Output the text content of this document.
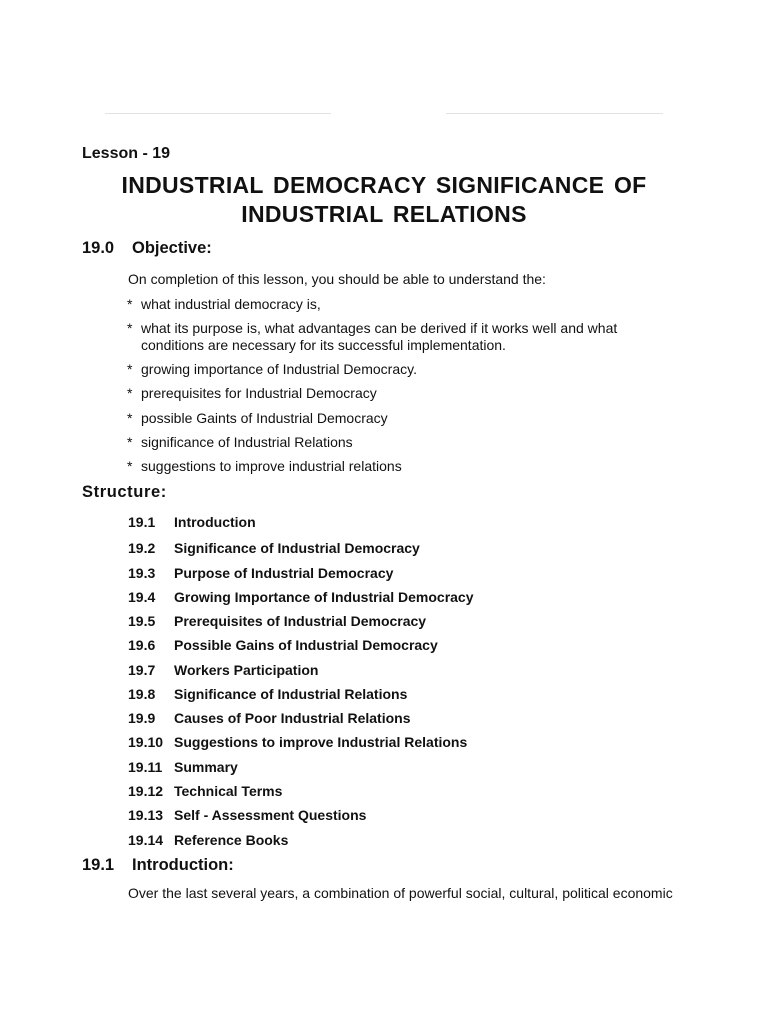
Lesson - 19
INDUSTRIAL DEMOCRACY SIGNIFICANCE OF
INDUSTRIAL RELATIONS
19.0 Objective:
On completion of this lesson, you should be able to understand the:
* what industrial democracy is,
* what its purpose is, what advantages can be derived if it works well and what
conditions are necessary for its successful implementation.
* growing importance of Industrial Democracy.
* prerequisites for Industrial Democracy
* possible Gaints of Industrial Democracy
* significance of Industrial Relations
* suggestions to improve industrial relations
Structure:
19.1 Introduction
19.2 Significance of Industrial Democracy
19.3 Purpose of Industrial Democracy
19.4 Growing Importance of Industrial Democracy
19.5 Prerequisites of Industrial Democracy
19.6 Possible Gains of Industrial Democracy
19.7 Workers Participation
19.8 Significance of Industrial Relations
19.9 Causes of Poor Industrial Relations
19.10 Suggestions to improve Industrial Relations
19.11 Summary
19.12 Technical Terms
19.13 Self - Assessment Questions
19.14 Reference Books
19.1 Introduction:
Over the last several years, a combination of powerful social, cultural, political economic
